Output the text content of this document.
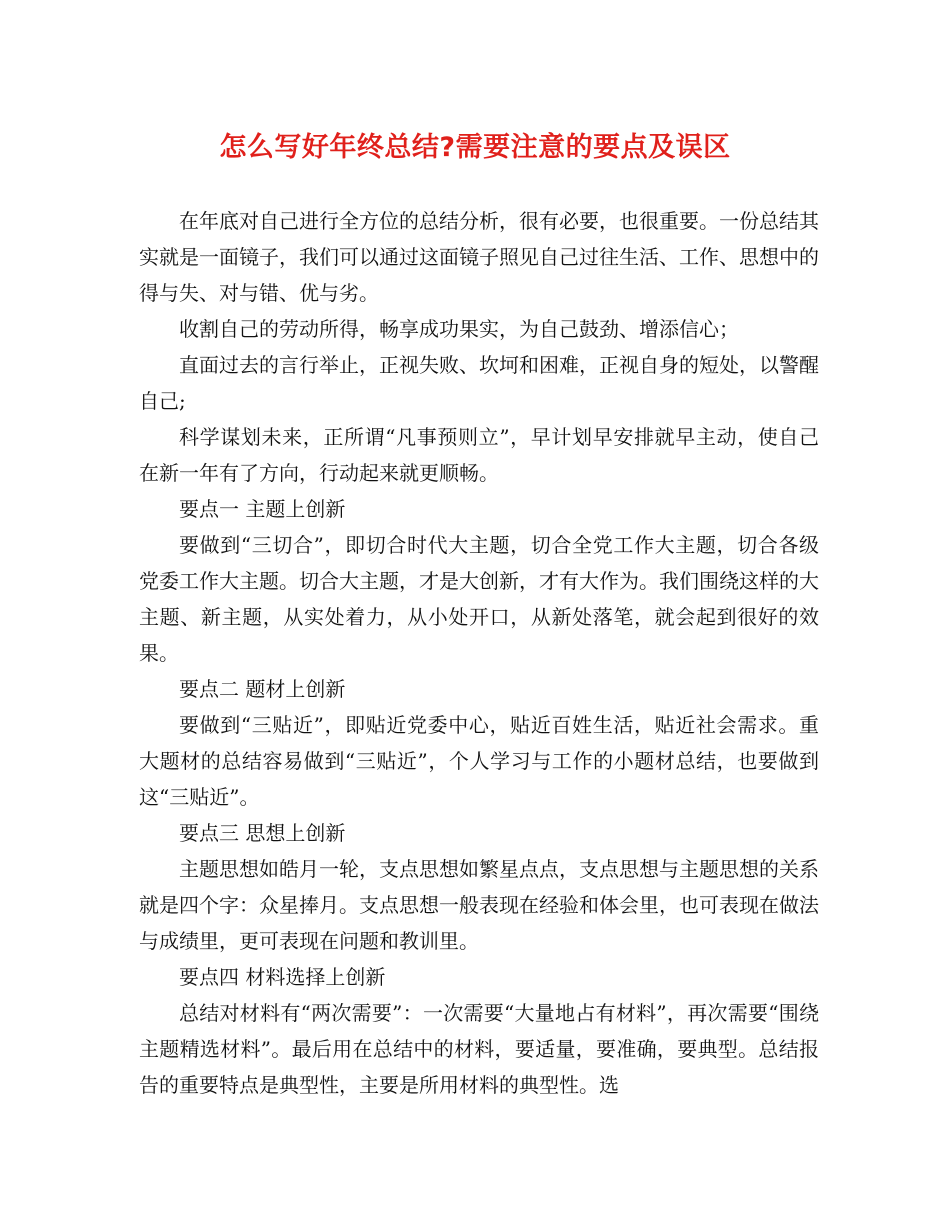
怎么写好年终总结?需要注意的要点及误区

在年底对自己进行全方位的总结分析，很有必要，也很重要。一份总结其实就是一面镜子，我们可以通过这面镜子照见自己过往生活、工作、思想中的得与失、对与错、优与劣。

收割自己的劳动所得，畅享成功果实，为自己鼓劲、增添信心；

直面过去的言行举止，正视失败、坎坷和困难，正视自身的短处，以警醒自己;

科学谋划未来，正所谓“凡事预则立”，早计划早安排就早主动，使自己在新一年有了方向，行动起来就更顺畅。

要点一 主题上创新

要做到“三切合”，即切合时代大主题，切合全党工作大主题，切合各级党委工作大主题。切合大主题，才是大创新，才有大作为。我们围绕这样的大主题、新主题，从实处着力，从小处开口，从新处落笔，就会起到很好的效果。

要点二 题材上创新

要做到“三贴近”，即贴近党委中心，贴近百姓生活，贴近社会需求。重大题材的总结容易做到“三贴近”，个人学习与工作的小题材总结，也要做到这“三贴近”。

要点三 思想上创新

主题思想如皓月一轮，支点思想如繁星点点，支点思想与主题思想的关系就是四个字：众星捧月。支点思想一般表现在经验和体会里，也可表现在做法与成绩里，更可表现在问题和教训里。

要点四 材料选择上创新

总结对材料有“两次需要”：一次需要“大量地占有材料”，再次需要“围绕主题精选材料”。最后用在总结中的材料，要适量，要准确，要典型。总结报告的重要特点是典型性，主要是所用材料的典型性。选
